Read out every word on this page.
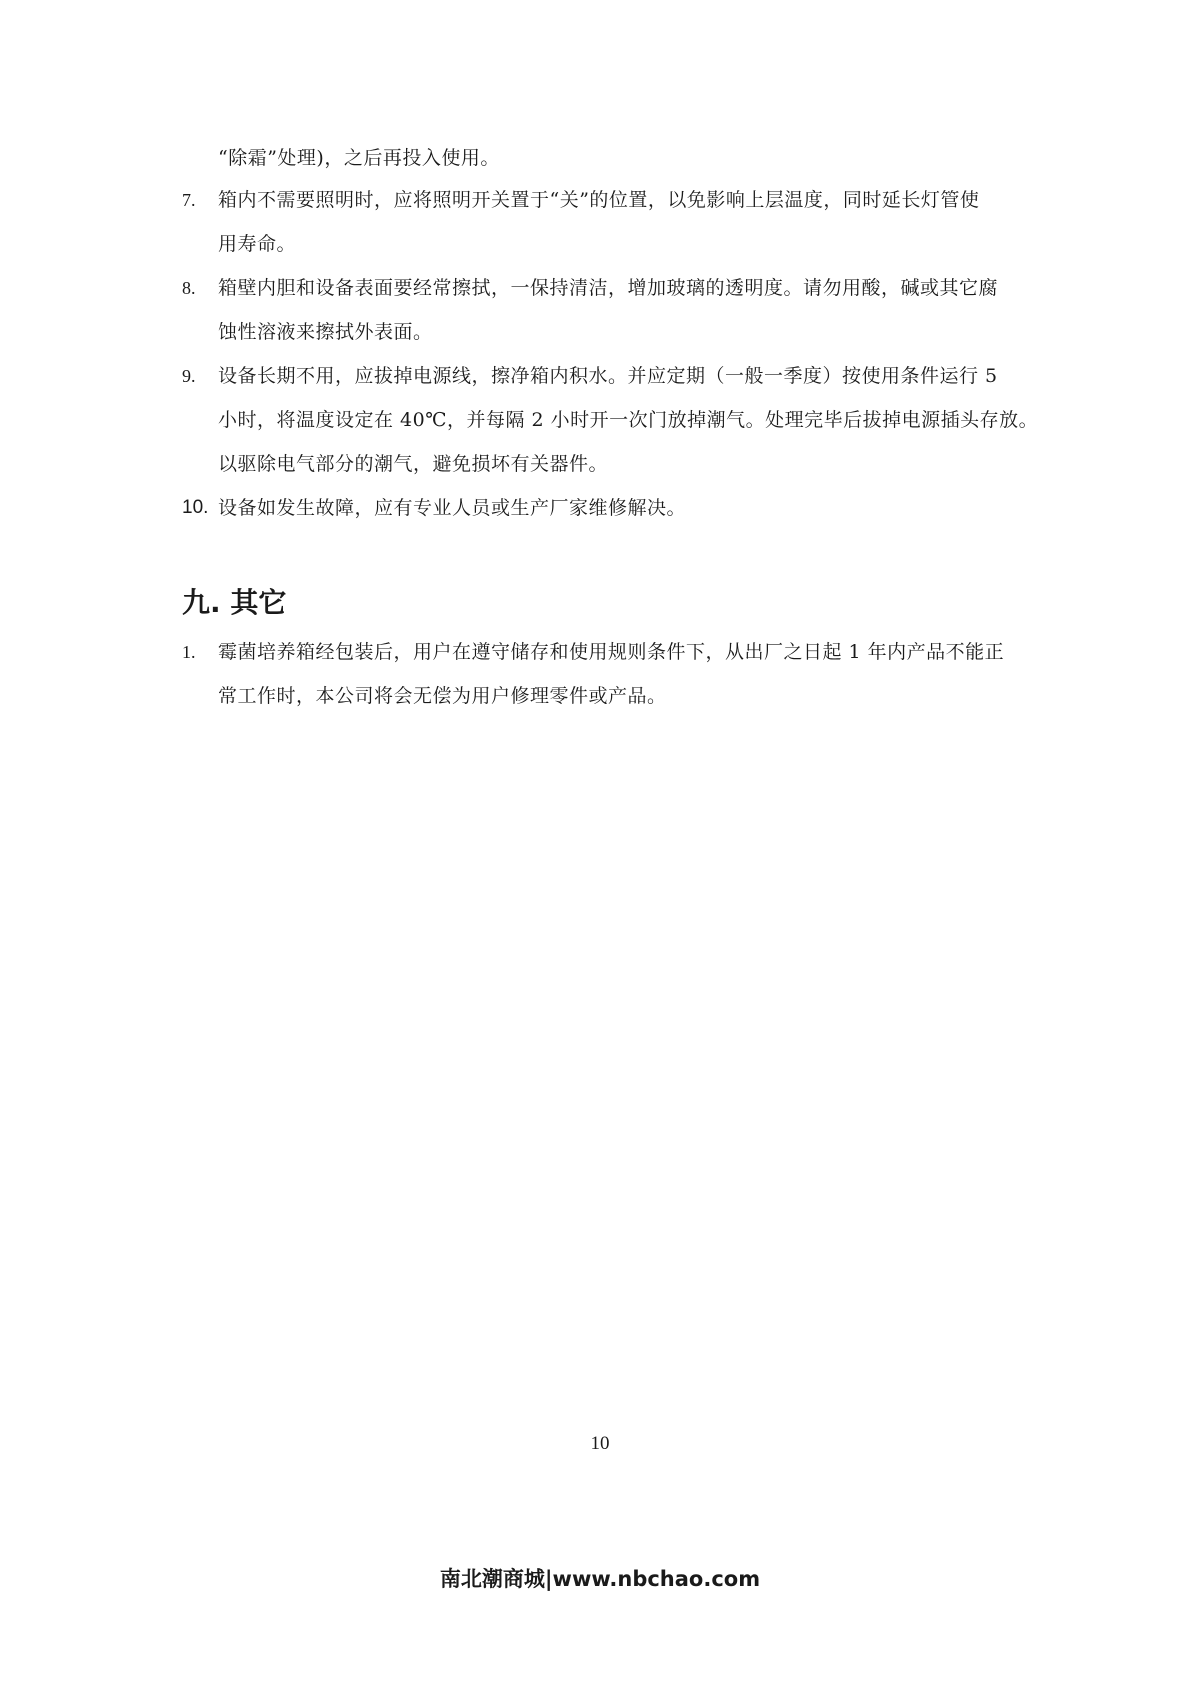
“除霜”处理)，之后再投入使用。
7. 箱内不需要照明时，应将照明开关置于“关”的位置，以免影响上层温度，同时延长灯管使
用寿命。
8. 箱壁内胆和设备表面要经常擦拭，一保持清洁，增加玻璃的透明度。请勿用酸，碱或其它腐
蚀性溶液来擦拭外表面。
9. 设备长期不用，应拔掉电源线，擦净箱内积水。并应定期（一般一季度）按使用条件运行 5
小时，将温度设定在 40℃，并每隔 2 小时开一次门放掉潮气。处理完毕后拔掉电源插头存放。
以驱除电气部分的潮气，避免损坏有关器件。
10. 设备如发生故障，应有专业人员或生产厂家维修解决。
九. 其它
1. 霉菌培养箱经包装后，用户在遵守储存和使用规则条件下，从出厂之日起 1 年内产品不能正
常工作时，本公司将会无偿为用户修理零件或产品。
10
南北潮商城|www.nbchao.com
